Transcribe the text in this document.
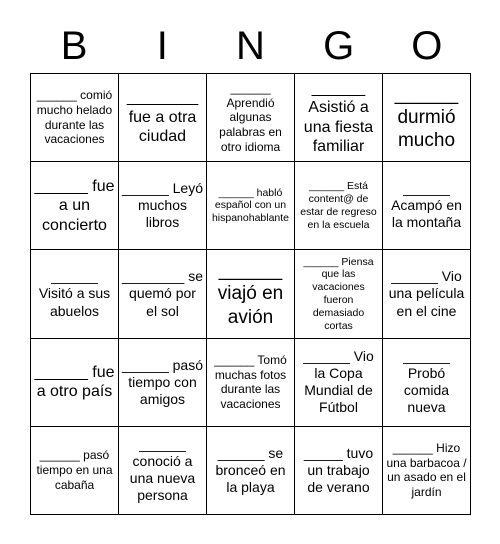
B	I	N	G	O
______ comió mucho helado durante las vacaciones
________ fue a otra ciudad
______ Aprendió algunas palabras en otro idioma
______ Asistió a una fiesta familiar
______ durmió mucho
______ fue a un concierto
______ Leyó muchos libros
______ habló español con un hispanohablante
______ Está content@ de estar de regreso en la escuela
______ Acampó en la montaña
______ Visitó a sus abuelos
________ se quemó por el sol
______ viajó en avión
______ Piensa que las vacaciones fueron demasiado cortas
______ Vio una película en el cine
______ fue a otro país
______ pasó tiempo con amigos
______ Tomó muchas fotos durante las vacaciones
______ Vio la Copa Mundial de Fútbol
______ Probó comida nueva
______ pasó tiempo en una cabaña
______ conoció a una nueva persona
______ se bronceó en la playa
_____ tuvo un trabajo de verano
______ Hizo una barbacoa / un asado en el jardín
